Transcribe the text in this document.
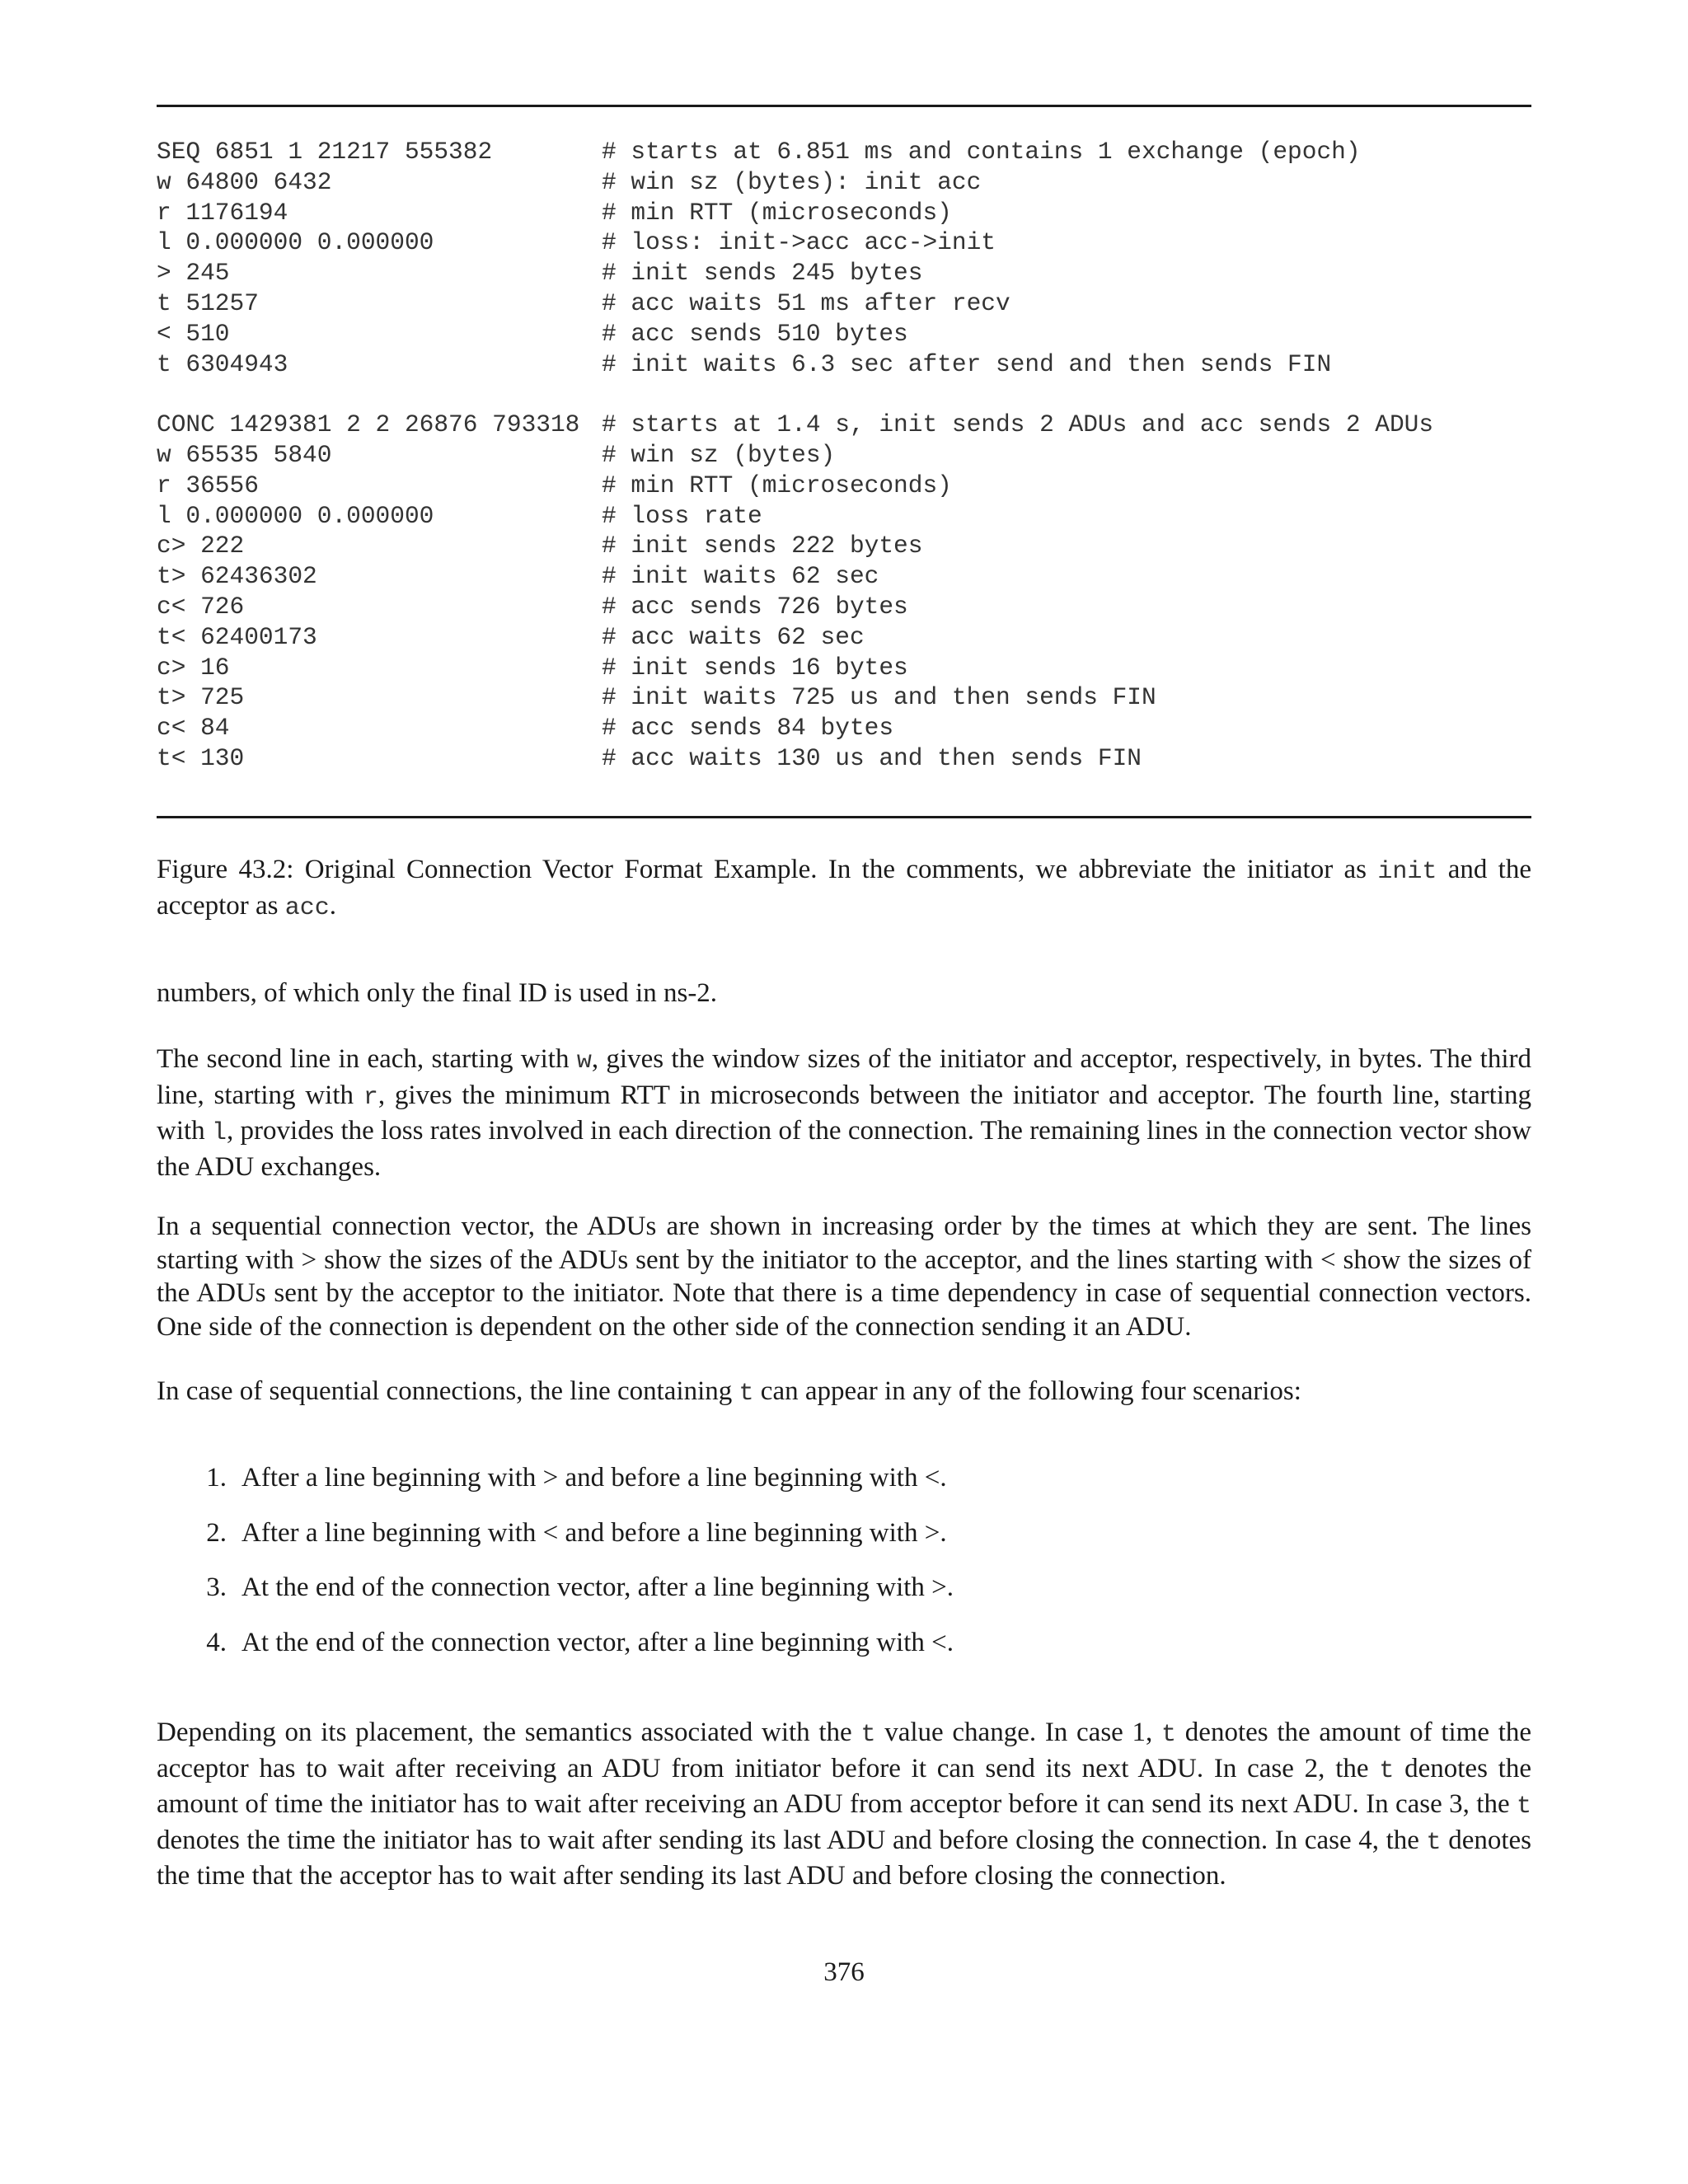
SEQ 6851 1 21217 555382	# starts at 6.851 ms and contains 1 exchange (epoch)
w 64800 6432	# win sz (bytes): init acc
r 1176194	# min RTT (microseconds)
l 0.000000 0.000000	# loss: init->acc acc->init
> 245	# init sends 245 bytes
t 51257	# acc waits 51 ms after recv
< 510	# acc sends 510 bytes
t 6304943	# init waits 6.3 sec after send and then sends FIN
CONC 1429381 2 2 26876 793318 # starts at 1.4 s, init sends 2 ADUs and acc sends 2 ADUs
w 65535 5840	# win sz (bytes)
r 36556	# min RTT (microseconds)
l 0.000000 0.000000	# loss rate
c> 222	# init sends 222 bytes
t> 62436302	# init waits 62 sec
c< 726	# acc sends 726 bytes
t< 62400173	# acc waits 62 sec
c> 16	# init sends 16 bytes
t> 725	# init waits 725 us and then sends FIN
c< 84	# acc sends 84 bytes
t< 130	# acc waits 130 us and then sends FIN
Figure 43.2: Original Connection Vector Format Example. In the comments, we abbreviate the initiator as init and the acceptor as acc.
numbers, of which only the final ID is used in ns-2.
The second line in each, starting with w, gives the window sizes of the initiator and acceptor, respectively, in bytes. The third line, starting with r, gives the minimum RTT in microseconds between the initiator and acceptor. The fourth line, starting with l, provides the loss rates involved in each direction of the connection. The remaining lines in the connection vector show the ADU exchanges.
In a sequential connection vector, the ADUs are shown in increasing order by the times at which they are sent. The lines starting with > show the sizes of the ADUs sent by the initiator to the acceptor, and the lines starting with < show the sizes of the ADUs sent by the acceptor to the initiator. Note that there is a time dependency in case of sequential connection vectors. One side of the connection is dependent on the other side of the connection sending it an ADU.
In case of sequential connections, the line containing t can appear in any of the following four scenarios:
1. After a line beginning with > and before a line beginning with <.
2. After a line beginning with < and before a line beginning with >.
3. At the end of the connection vector, after a line beginning with >.
4. At the end of the connection vector, after a line beginning with <.
Depending on its placement, the semantics associated with the t value change. In case 1, t denotes the amount of time the acceptor has to wait after receiving an ADU from initiator before it can send its next ADU. In case 2, the t denotes the amount of time the initiator has to wait after receiving an ADU from acceptor before it can send its next ADU. In case 3, the t denotes the time the initiator has to wait after sending its last ADU and before closing the connection. In case 4, the t denotes the time that the acceptor has to wait after sending its last ADU and before closing the connection.
376
